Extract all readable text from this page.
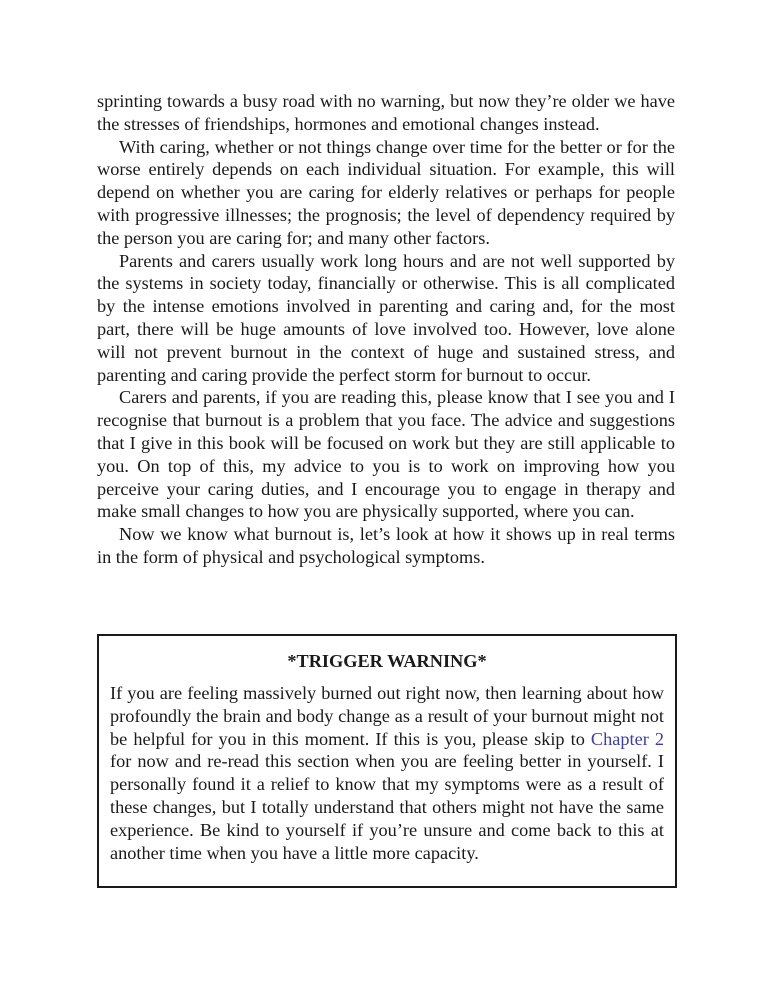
sprinting towards a busy road with no warning, but now they’re older we have the stresses of friendships, hormones and emotional changes instead.

With caring, whether or not things change over time for the better or for the worse entirely depends on each individual situation. For example, this will depend on whether you are caring for elderly relatives or perhaps for people with progressive illnesses; the prognosis; the level of dependency required by the person you are caring for; and many other factors.

Parents and carers usually work long hours and are not well supported by the systems in society today, financially or otherwise. This is all complicated by the intense emotions involved in parenting and caring and, for the most part, there will be huge amounts of love involved too. However, love alone will not prevent burnout in the context of huge and sustained stress, and parenting and caring provide the perfect storm for burnout to occur.

Carers and parents, if you are reading this, please know that I see you and I recognise that burnout is a problem that you face. The advice and suggestions that I give in this book will be focused on work but they are still applicable to you. On top of this, my advice to you is to work on improving how you perceive your caring duties, and I encourage you to engage in therapy and make small changes to how you are physically supported, where you can.

Now we know what burnout is, let’s look at how it shows up in real terms in the form of physical and psychological symptoms.

*TRIGGER WARNING*

If you are feeling massively burned out right now, then learning about how profoundly the brain and body change as a result of your burnout might not be helpful for you in this moment. If this is you, please skip to Chapter 2 for now and re-read this section when you are feeling better in yourself. I personally found it a relief to know that my symptoms were as a result of these changes, but I totally understand that others might not have the same experience. Be kind to yourself if you’re unsure and come back to this at another time when you have a little more capacity.
